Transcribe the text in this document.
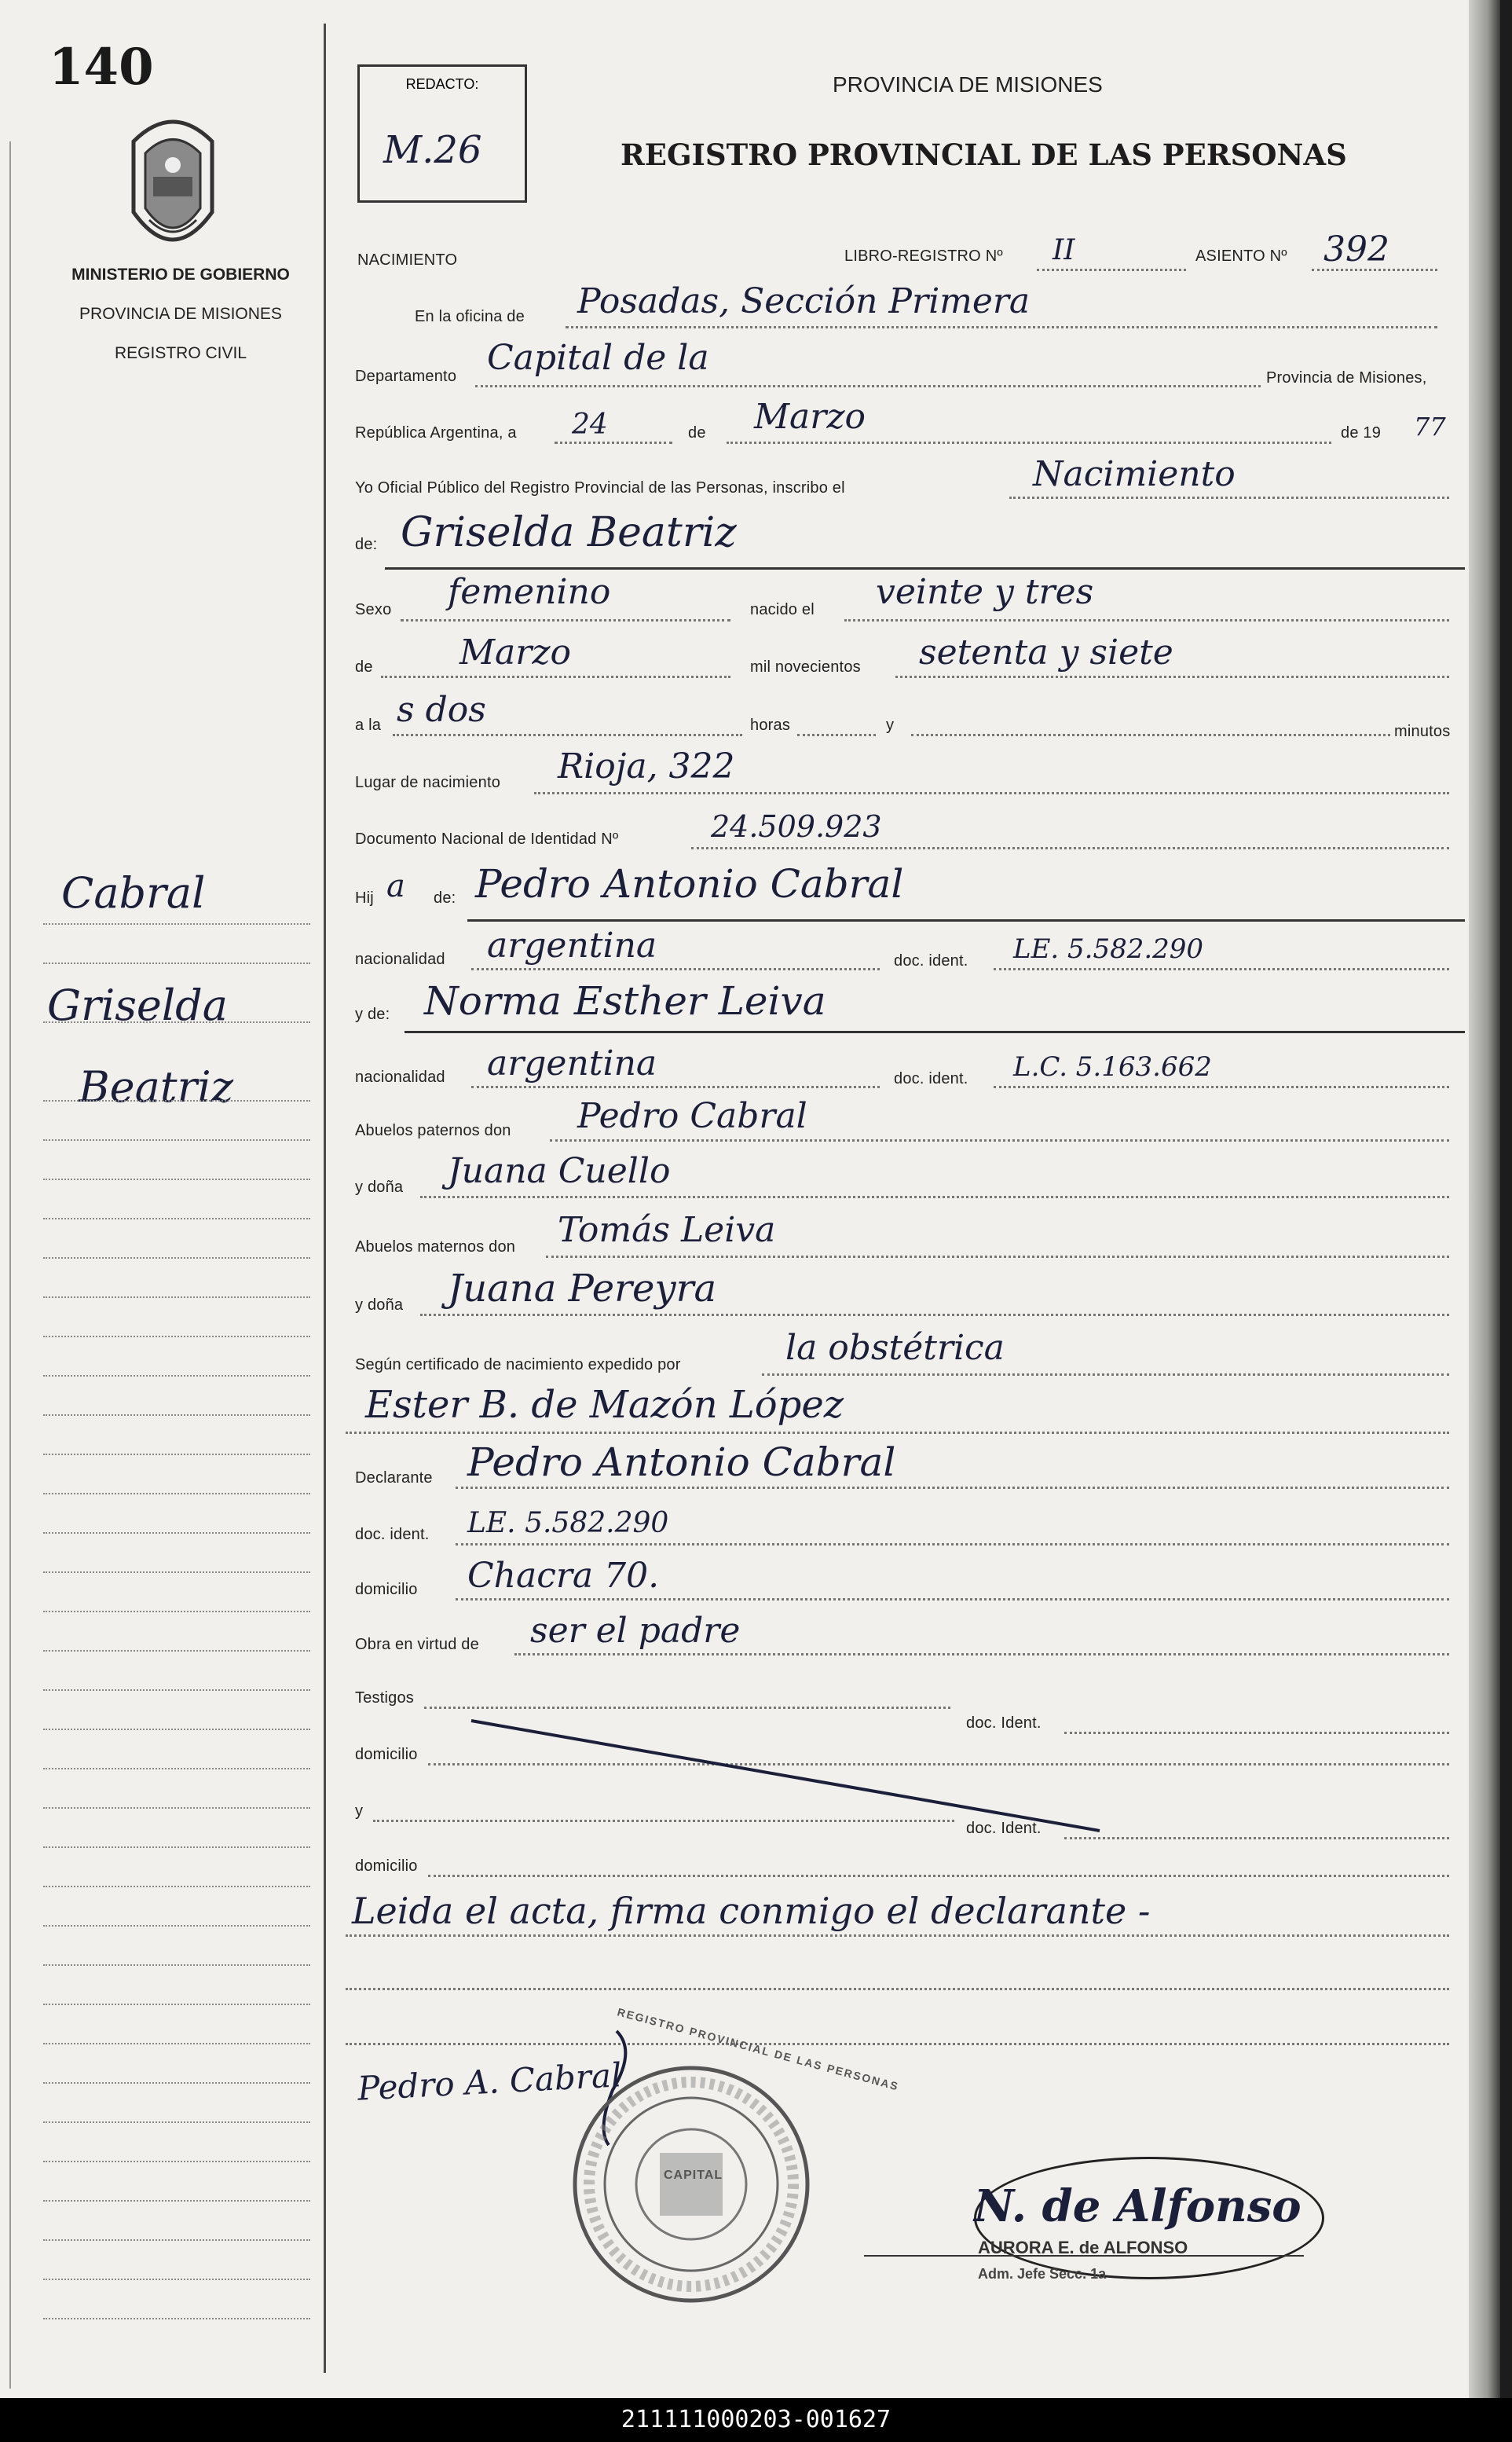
140
MINISTERIO DE GOBIERNO
PROVINCIA DE MISIONES
REGISTRO CIVIL
REDACTO:
M.26
PROVINCIA DE MISIONES
REGISTRO PROVINCIAL DE LAS PERSONAS
NACIMIENTO	LIBRO-REGISTRO Nº II	ASIENTO Nº 392
En la oficina de Posadas, Sección Primera
Departamento Capital de la	Provincia de Misiones,
República Argentina, a 24	de Marzo	de 19 77
Yo Oficial Público del Registro Provincial de las Personas, inscribo el	Nacimiento
de: Griselda Beatriz
Sexo femenino	nacido el veinte y tres
de	Marzo	mil novecientos setenta y siete
a la s dos	horas	y	minutos
Lugar de nacimiento Rioja, 322
Documento Nacional de Identidad Nº	24.509.923
Hij a de: Pedro Antonio Cabral
nacionalidad argentina	doc. ident. LE. 5.582.290
y de: Norma Esther Leiva
nacionalidad argentina	doc. ident. L.C. 5.163.662
Abuelos paternos don Pedro Cabral
y doña Juana Cuello
Abuelos maternos don Tomás Leiva
y doña Juana Pereyra
Según certificado de nacimiento expedido por	la obstétrica
Ester B. de Mazón López
Declarante Pedro Antonio Cabral
doc. ident. LE. 5.582.290
domicilio Chacra 70.
Obra en virtud de ser el padre
Testigos
doc. Ident.
domicilio
y
doc. Ident.
domicilio
Leida el acta, firma conmigo el declarante -
Pedro A. Cabral
REGISTRO PROVINCIAL DE LAS PERSONAS
CAPITAL
N. de Alfonso
AURORA E. de ALFONSO
Adm. Jefe Secc. 1a
Cabral
Griselda
Beatriz
211111000203-001627
